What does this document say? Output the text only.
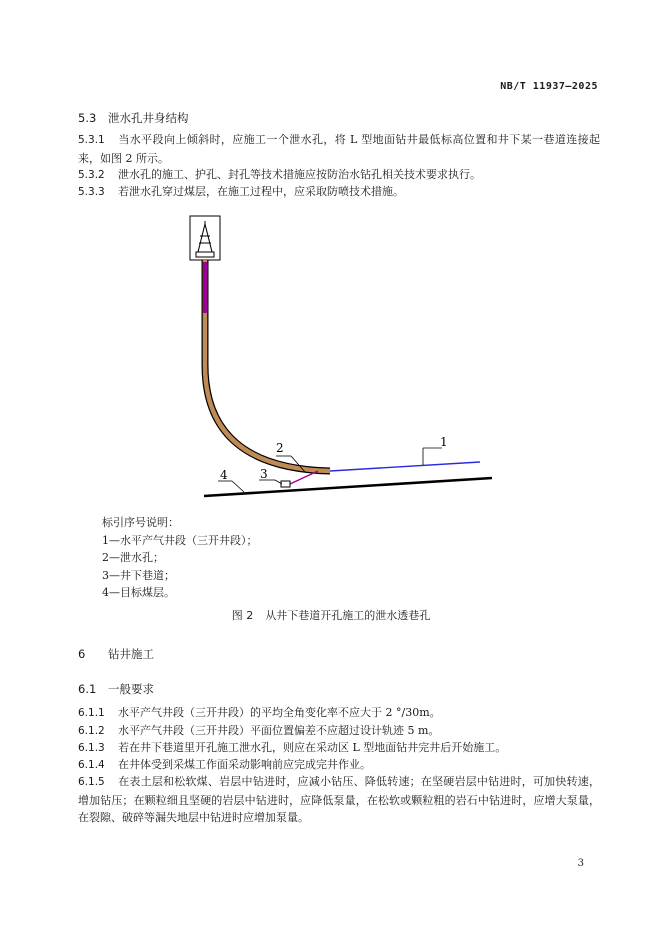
NB/T 11937—2025
5.3 泄水孔井身结构
5.3.1 当水平段向上倾斜时，应施工一个泄水孔，将 L 型地面钻井最低标高位置和井下某一巷道连接起来，如图 2 所示。
5.3.2 泄水孔的施工、护孔、封孔等技术措施应按防治水钻孔相关技术要求执行。
5.3.3 若泄水孔穿过煤层，在施工过程中，应采取防喷技术措施。
1
2
3
4
标引序号说明：
1—水平产气井段（三开井段）；
2—泄水孔；
3—井下巷道；
4—目标煤层。
图 2 从井下巷道开孔施工的泄水透巷孔
6 钻井施工
6.1 一般要求
6.1.1 水平产气井段（三开井段）的平均全角变化率不应大于 2 °/30m。
6.1.2 水平产气井段（三开井段）平面位置偏差不应超过设计轨迹 5 m。
6.1.3 若在井下巷道里开孔施工泄水孔，则应在采动区 L 型地面钻井完井后开始施工。
6.1.4 在井体受到采煤工作面采动影响前应完成完井作业。
6.1.5 在表土层和松软煤、岩层中钻进时，应减小钻压、降低转速；在坚硬岩层中钻进时，可加快转速，增加钻压；在颗粒细且坚硬的岩层中钻进时，应降低泵量，在松软或颗粒粗的岩石中钻进时，应增大泵量，在裂隙、破碎等漏失地层中钻进时应增加泵量。
3
